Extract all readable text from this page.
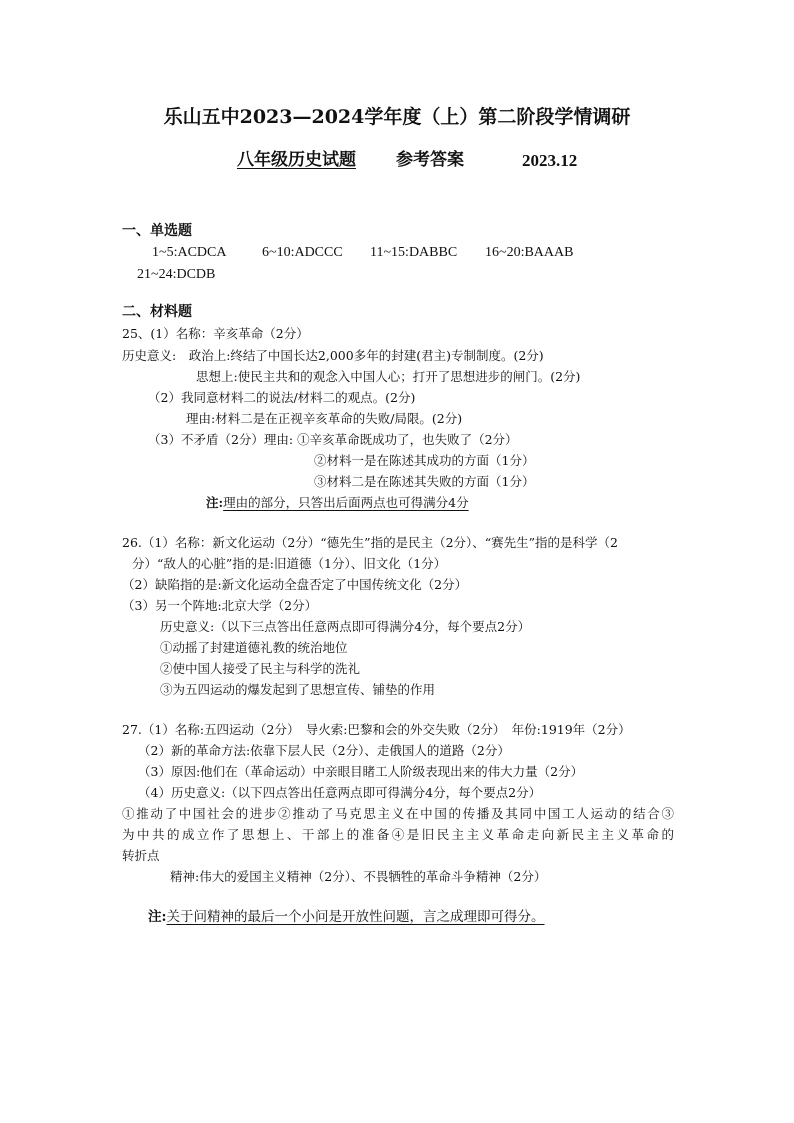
乐山五中2023—2024学年度（上）第二阶段学情调研
八年级历史试题 参考答案	2023.12
一、单选题
1~5:ACDCA	6~10:ADCCC 11~15:DABBC 16~20:BAAAB
21~24:DCDB
二、材料题
25、(1）名称：辛亥革命（2分）
历史意义:　政治上:终结了中国长达2,000多年的封建(君主)专制制度。(2分)
思想上:使民主共和的观念入中国人心；打开了思想进步的闸门。(2分)
（2）我同意材料二的说法/材料二的观点。(2分)
理由:材料二是在正视辛亥革命的失败/局限。(2分)
（3）不矛盾（2分）理由: ①辛亥革命既成功了，也失败了（2分）
②材料一是在陈述其成功的方面（1分）
③材料二是在陈述其失败的方面（1分）
注:理由的部分，只答出后面两点也可得满分4分
26.（1）名称：新文化运动（2分）“德先生”指的是民主（2分）、“赛先生”指的是科学（2
分）“敌人的心脏”指的是:旧道德（1分）、旧文化（1分）
（2）缺陷指的是:新文化运动全盘否定了中国传统文化（2分）
（3）另一个阵地:北京大学（2分）
历史意义:（以下三点答出任意两点即可得满分4分，每个要点2分）
①动摇了封建道德礼教的统治地位
②使中国人接受了民主与科学的洗礼
③为五四运动的爆发起到了思想宣传、铺垫的作用
27.（1）名称:五四运动（2分）　导火索:巴黎和会的外交失败（2分）　年份:1919年（2分）
（2）新的革命方法:依靠下层人民（2分）、走俄国人的道路（2分）
（3）原因:他们在（革命运动）中亲眼目睹工人阶级表现出来的伟大力量（2分）
（4）历史意义:（以下四点答出任意两点即可得满分4分，每个要点2分）
①推动了中国社会的进步②推动了马克思主义在中国的传播及其同中国工人运动的结合③
为中共的成立作了思想上、干部上的准备④是旧民主主义革命走向新民主主义革命的
转折点
精神:伟大的爱国主义精神（2分）、不畏牺牲的革命斗争精神（2分）
注:关于问精神的最后一个小问是开放性问题，言之成理即可得分。
